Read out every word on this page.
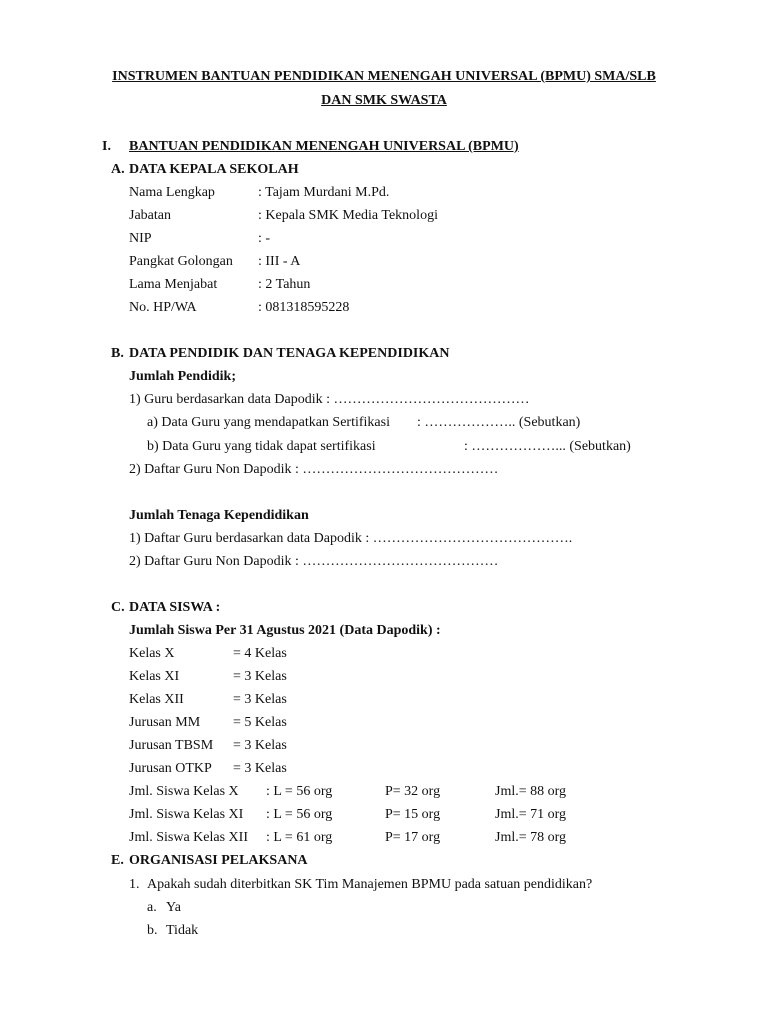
INSTRUMEN BANTUAN PENDIDIKAN MENENGAH UNIVERSAL (BPMU) SMA/SLB
DAN SMK SWASTA
I. BANTUAN PENDIDIKAN MENENGAH UNIVERSAL (BPMU)
A. DATA KEPALA SEKOLAH
Nama Lengkap	: Tajam Murdani M.Pd.
Jabatan	: Kepala SMK Media Teknologi
NIP	: -
Pangkat Golongan : III - A
Lama Menjabat	: 2 Tahun
No. HP/WA	: 081318595228
B. DATA PENDIDIK DAN TENAGA KEPENDIDIKAN
Jumlah Pendidik;
1) Guru berdasarkan data Dapodik : ……………………………………
a) Data Guru yang mendapatkan Sertifikasi : ……………….. (Sebutkan)
b) Data Guru yang tidak dapat sertifikasi	: ………………... (Sebutkan)
2) Daftar Guru Non Dapodik : ……………………………………
Jumlah Tenaga Kependidikan
1) Daftar Guru berdasarkan data Dapodik : …………………………………….
2) Daftar Guru Non Dapodik : ……………………………………
C. DATA SISWA :
Jumlah Siswa Per 31 Agustus 2021 (Data Dapodik) :
Kelas X	= 4 Kelas
Kelas XI	= 3 Kelas
Kelas XII	= 3 Kelas
Jurusan MM = 5 Kelas
Jurusan TBSM = 3 Kelas
Jurusan OTKP = 3 Kelas
Jml. Siswa Kelas X : L = 56 org	P= 32 org	Jml.= 88 org
Jml. Siswa Kelas XI : L = 56 org	P= 15 org	Jml.= 71 org
Jml. Siswa Kelas XII : L = 61 org	P= 17 org	Jml.= 78 org
E. ORGANISASI PELAKSANA
1. Apakah sudah diterbitkan SK Tim Manajemen BPMU pada satuan pendidikan?
a. Ya
b. Tidak
